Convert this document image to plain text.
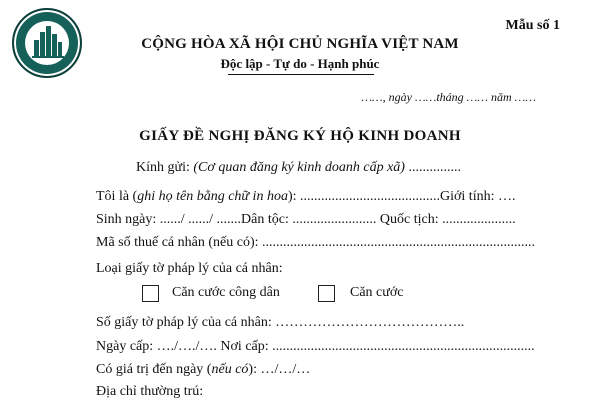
Mẫu số 1
CỘNG HÒA XÃ HỘI CHỦ NGHĨA VIỆT NAM
Độc lập - Tự do - Hạnh phúc
……, ngày ……tháng …… năm ……
GIẤY ĐỀ NGHỊ ĐĂNG KÝ HỘ KINH DOANH
Kính gửi: (Cơ quan đăng ký kinh doanh cấp xã) ...............
Tôi là (ghi họ tên bằng chữ in hoa): ........................................Giới tính: ….
Sinh ngày: ....../ ....../ .......Dân tộc: ........................ Quốc tịch: .....................
Mã số thuế cá nhân (nếu có): ..............................................................................
Loại giấy tờ pháp lý của cá nhân:
Căn cước công dân	Căn cước
Số giấy tờ pháp lý của cá nhân: …………………………………..
Ngày cấp: …./…./…. Nơi cấp: ...........................................................................
Có giá trị đến ngày (nếu có): …/…/…
Địa chỉ thường trú:
